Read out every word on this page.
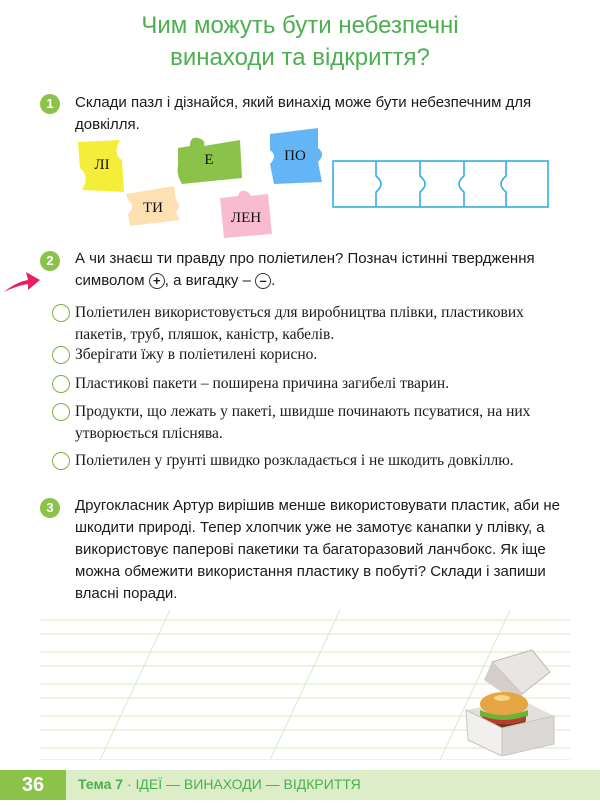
Чим можуть бути небезпечні
винаходи та відкриття?
1	Склади пазл і дізнайся, який винахід може бути небезпечним для довкілля.
ЛІ	Е	ПО
ТИ
ЛЕН
2	А чи знаєш ти правду про поліетилен? Познач істинні твердження символом + , а вигадку – – .
Поліетилен використовується для виробництва плівки, пластикових пакетів, труб, пляшок, каністр, кабелів.
Зберігати їжу в поліетилені корисно.
Пластикові пакети – поширена причина загибелі тварин.
Продукти, що лежать у пакеті, швидше починають псуватися, на них утворюється пліснява.
Поліетилен у ґрунті швидко розкладається і не шкодить довкіллю.
3	Другокласник Артур вирішив менше використовувати пластик, аби не шкодити природі. Тепер хлопчик уже не замотує канапки у плівку, а використовує паперові пакетики та багаторазовий ланчбокс. Як іще можна обмежити використання пластику в побуті? Склади і запиши власні поради.
36	Тема 7 · ІДЕЇ — ВИНАХОДИ — ВІДКРИТТЯ
